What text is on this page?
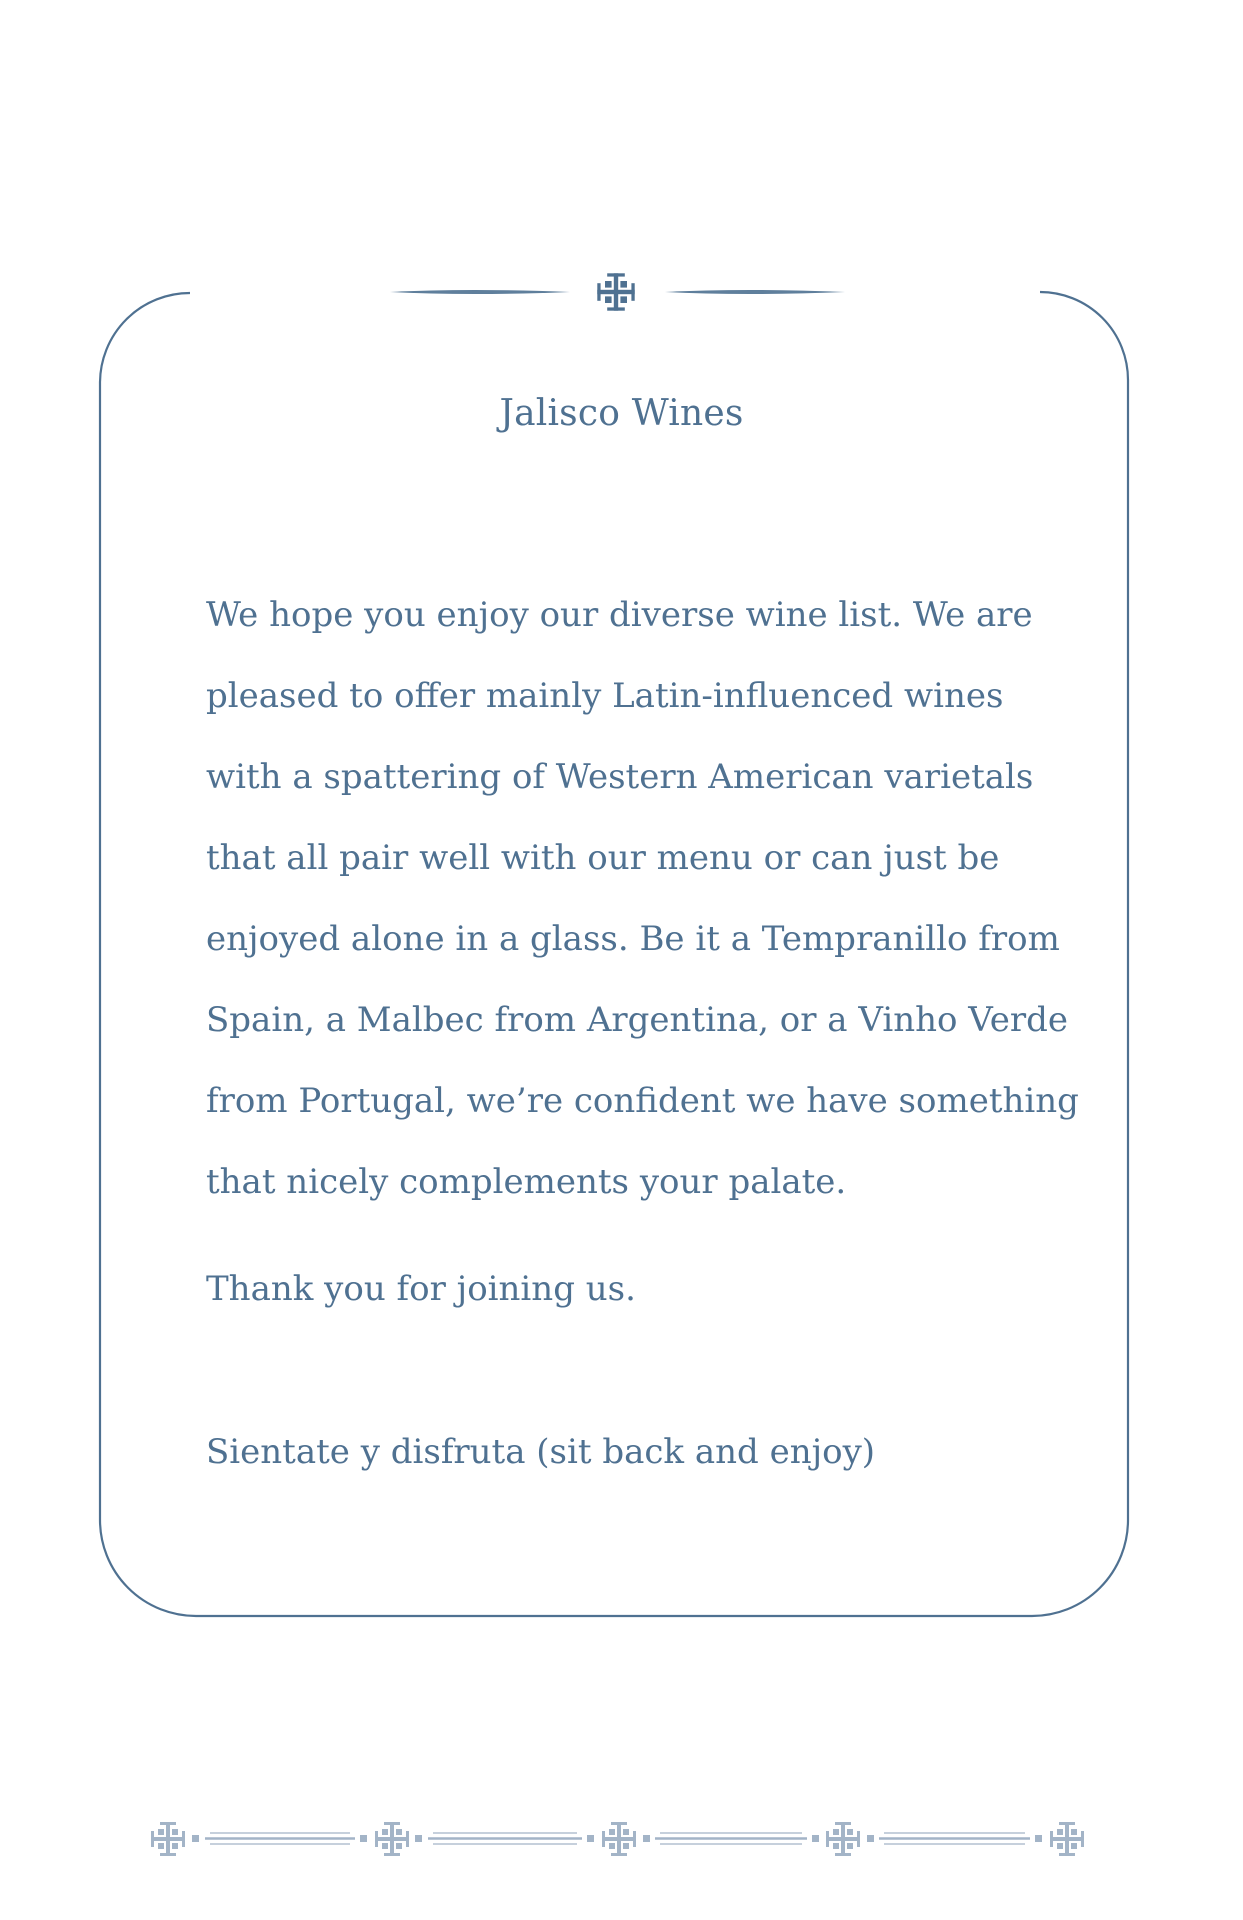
Jalisco Wines

We hope you enjoy our diverse wine list. We are
pleased to offer mainly Latin-influenced wines
with a spattering of Western American varietals
that all pair well with our menu or can just be
enjoyed alone in a glass. Be it a Tempranillo from
Spain, a Malbec from Argentina, or a Vinho Verde
from Portugal, we’re confident we have something
that nicely complements your palate.

Thank you for joining us.
Sientate y disfruta (sit back and enjoy)
